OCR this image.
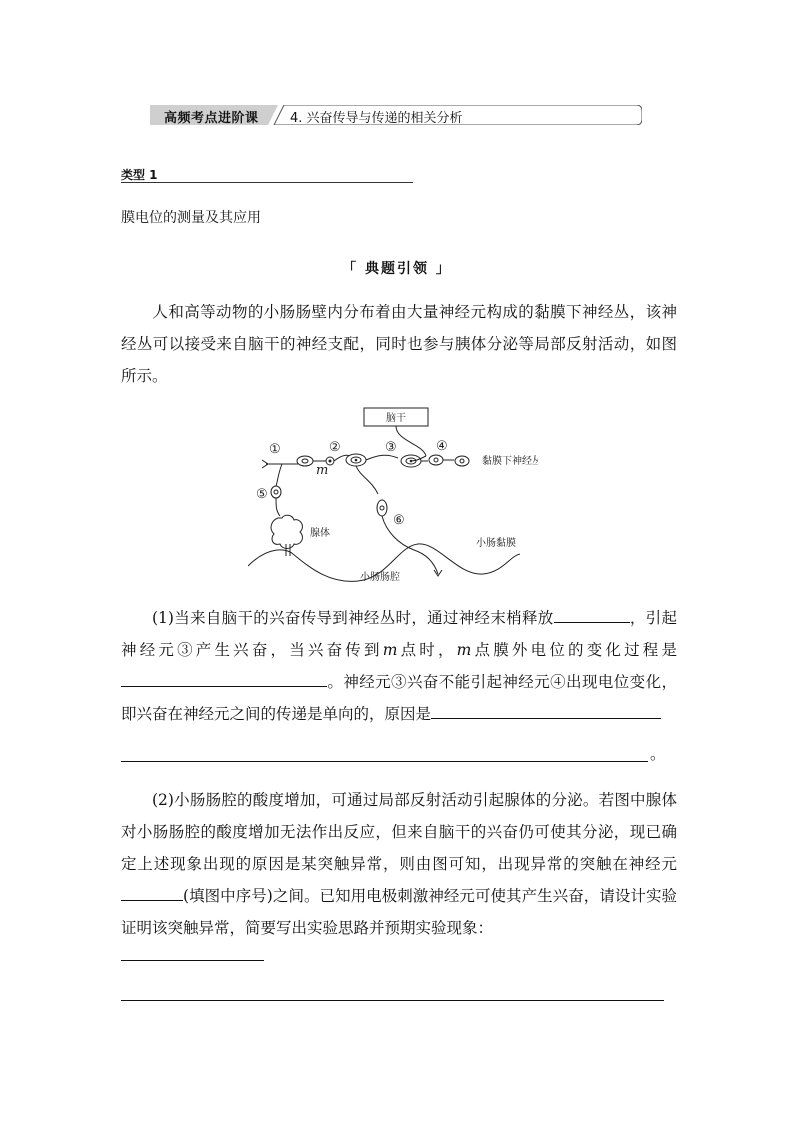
高频考点进阶课 4. 兴奋传导与传递的相关分析
类型 1
膜电位的测量及其应用
「 典题引领 」
人和高等动物的小肠肠壁内分布着由大量神经元构成的黏膜下神经丛，该神经丛可以接受来自脑干的神经支配，同时也参与胰体分泌等局部反射活动，如图所示。
脑干
腺体
小肠黏膜
小肠肠腔
黏膜下神经丛
m
①	②	③	④
⑤
⑥
(1)当来自脑干的兴奋传导到神经丛时，通过神经末梢释放	，引起神经元③产生兴奋，当兴奋传到m点时，m点膜外电位的变化过程是。神经元③兴奋不能引起神经元④出现电位变化，即兴奋在神经元之间的传递是单向的，原因是
。
(2)小肠肠腔的酸度增加，可通过局部反射活动引起腺体的分泌。若图中腺体对小肠肠腔的酸度增加无法作出反应，但来自脑干的兴奋仍可使其分泌，现已确定上述现象出现的原因是某突触异常，则由图可知，出现异常的突触在神经元(填图中序号)之间。已知用电极刺激神经元可使其产生兴奋，请设计实验证明该突触异常，简要写出实验思路并预期实验现象：
